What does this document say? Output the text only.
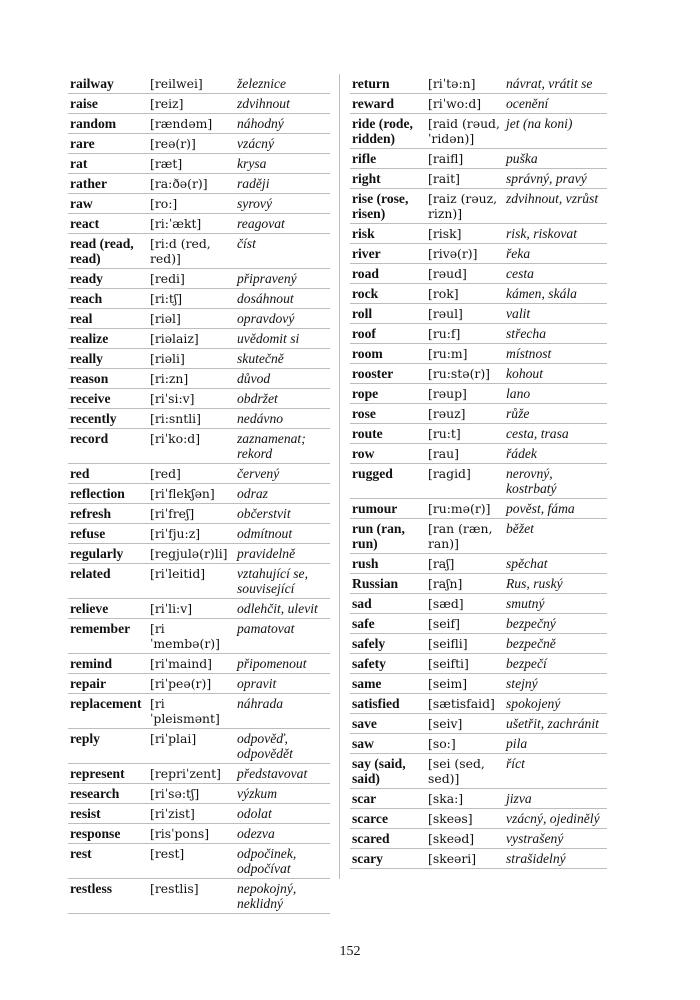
railway	[reilwei]	železnice
raise	[reiz]	zdvihnout
random	[rændəm]	náhodný
rare	[reə(r)]	vzácný
rat	[ræt]	krysa
rather	[ra:ðə(r)]	raději
raw	[ro:]	syrový
react	[ri:ˈækt]	reagovat
read (read, read)	[ri:d (red, red)]	číst
ready	[redi]	připravený
reach	[ri:tʃ]	dosáhnout
real	[riəl]	opravdový
realize	[riəlaiz]	uvědomit si
really	[riəli]	skutečně
reason	[ri:zn]	důvod
receive	[riˈsi:v]	obdržet
recently	[ri:sntli]	nedávno
record	[riˈko:d]	zaznamenat; rekord
red	[red]	červený
reflection	[riˈflekʃən]	odraz
refresh	[riˈfreʃ]	občerstvit
refuse	[riˈfju:z]	odmítnout
regularly	[regjulə(r)li]	pravidelně
related	[riˈleitid]	vztahující se, související
relieve	[riˈli:v]	odlehčit, ulevit
remember	[riˈmembə(r)]	pamatovat
remind	[riˈmaind]	připomenout
repair	[riˈpeə(r)]	opravit
replacement	[riˈpleismənt]	náhrada
reply	[riˈplai]	odpověď, odpovědět
represent	[repriˈzent]	představovat
research	[riˈsə:tʃ]	výzkum
resist	[riˈzist]	odolat
response	[risˈpons]	odezva
rest	[rest]	odpočinek, odpočívat
restless	[restlis]	nepokojný, neklidný
return	[riˈtə:n]	návrat, vrátit se
reward	[riˈwo:d]	ocenění
ride (rode, ridden)	[raid (rəud, ˈridən)]	jet (na koni)
rifle	[raifl]	puška
right	[rait]	správný, pravý
rise (rose, risen)	[raiz (rəuz, rizn)]	zdvihnout, vzrůst
risk	[risk]	risk, riskovat
river	[rivə(r)]	řeka
road	[rəud]	cesta
rock	[rok]	kámen, skála
roll	[rəul]	valit
roof	[ru:f]	střecha
room	[ru:m]	místnost
rooster	[ru:stə(r)]	kohout
rope	[rəup]	lano
rose	[rəuz]	růže
route	[ru:t]	cesta, trasa
row	[rau]	řádek
rugged	[ragid]	nerovný, kostrbatý
rumour	[ru:mə(r)]	pověst, fáma
run (ran, run)	[ran (ræn, ran)]	běžet
rush	[raʃ]	spěchat
Russian	[raʃn]	Rus, ruský
sad	[sæd]	smutný
safe	[seif]	bezpečný
safely	[seifli]	bezpečně
safety	[seifti]	bezpečí
same	[seim]	stejný
satisfied	[sætisfaid]	spokojený
save	[seiv]	ušetřit, zachránit
saw	[so:]	pila
say (said, said)	[sei (sed, sed)]	říct
scar	[ska:]	jizva
scarce	[skeəs]	vzácný, ojedinělý
scared	[skeəd]	vystrašený
scary	[skeəri]	strašidelný
152
